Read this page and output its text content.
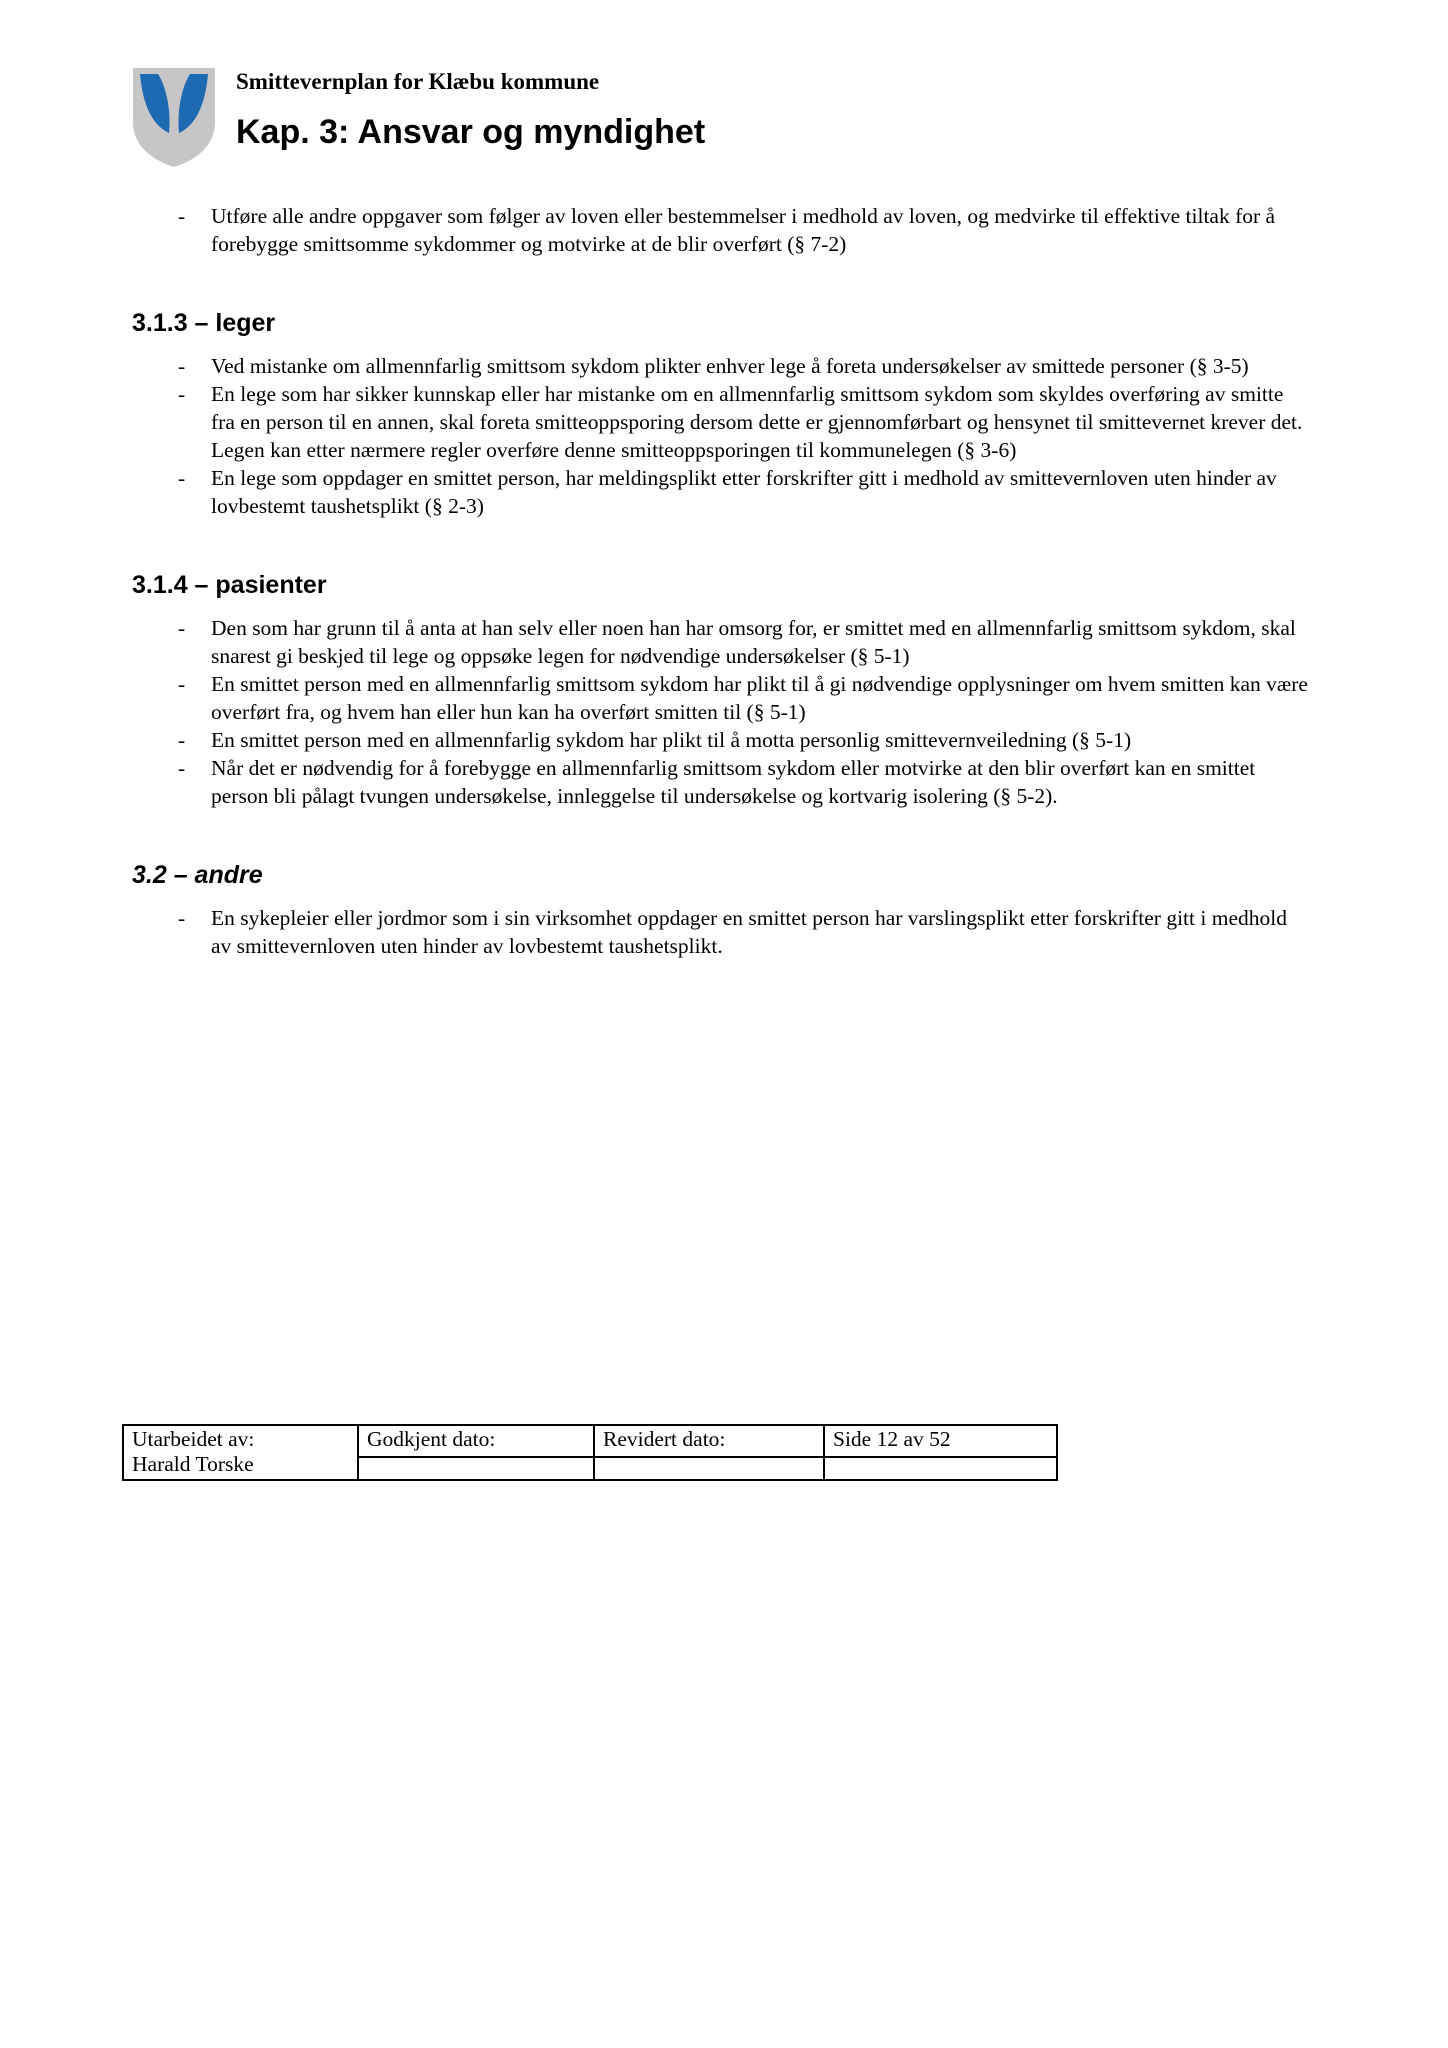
Smittevernplan for Klæbu kommune
Kap. 3: Ansvar og myndighet
-	Utføre alle andre oppgaver som følger av loven eller bestemmelser i medhold av loven, og medvirke til effektive tiltak for å forebygge smittsomme sykdommer og motvirke at de blir overført (§ 7-2)
3.1.3 – leger
-	Ved mistanke om allmennfarlig smittsom sykdom plikter enhver lege å foreta undersøkelser av smittede personer (§ 3-5)
-	En lege som har sikker kunnskap eller har mistanke om en allmennfarlig smittsom sykdom som skyldes overføring av smitte fra en person til en annen, skal foreta smitteoppsporing dersom dette er gjennomførbart og hensynet til smittevernet krever det. Legen kan etter nærmere regler overføre denne smitteoppsporingen til kommunelegen (§ 3-6)
-	En lege som oppdager en smittet person, har meldingsplikt etter forskrifter gitt i medhold av smittevernloven uten hinder av lovbestemt taushetsplikt (§ 2-3)
3.1.4 – pasienter
-	Den som har grunn til å anta at han selv eller noen han har omsorg for, er smittet med en allmennfarlig smittsom sykdom, skal snarest gi beskjed til lege og oppsøke legen for nødvendige undersøkelser (§ 5-1)
-	En smittet person med en allmennfarlig smittsom sykdom har plikt til å gi nødvendige opplysninger om hvem smitten kan være overført fra, og hvem han eller hun kan ha overført smitten til (§ 5-1)
-	En smittet person med en allmennfarlig sykdom har plikt til å motta personlig smittevernveiledning (§ 5-1)
-	Når det er nødvendig for å forebygge en allmennfarlig smittsom sykdom eller motvirke at den blir overført kan en smittet person bli pålagt tvungen undersøkelse, innleggelse til undersøkelse og kortvarig isolering (§ 5-2).
3.2 – andre
-	En sykepleier eller jordmor som i sin virksomhet oppdager en smittet person har varslingsplikt etter forskrifter gitt i medhold av smittevernloven uten hinder av lovbestemt taushetsplikt.
Utarbeidet av:
Harald Torske	Godkjent dato:	Revidert dato:	Side 12 av 52
